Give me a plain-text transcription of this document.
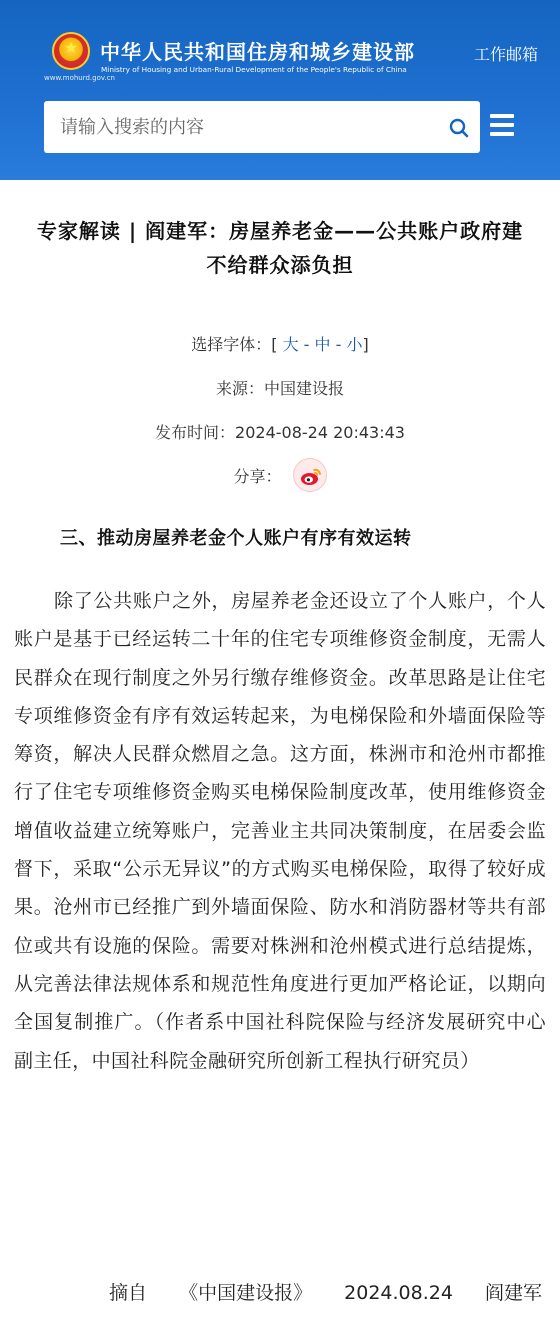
★
www.mohurd.gov.cn
中华人民共和国住房和城乡建设部
Ministry of Housing and Urban-Rural Development of the People's Republic of China
工作邮箱
请输入搜索的内容
专家解读 | 阎建军：房屋养老金——公共账户政府建　不给群众添负担
选择字体：[ 大 - 中 - 小]
来源：中国建设报
发布时间：2024-08-24 20:43:43
分享：
三、推动房屋养老金个人账户有序有效运转
除了公共账户之外，房屋养老金还设立了个人账户，个人账户是基于已经运转二十年的住宅专项维修资金制度，无需人民群众在现行制度之外另行缴存维修资金。改革思路是让住宅专项维修资金有序有效运转起来，为电梯保险和外墙面保险等筹资，解决人民群众燃眉之急。这方面，株洲市和沧州市都推行了住宅专项维修资金购买电梯保险制度改革，使用维修资金增值收益建立统筹账户，完善业主共同决策制度，在居委会监督下，采取“公示无异议”的方式购买电梯保险，取得了较好成果。沧州市已经推广到外墙面保险、防水和消防器材等共有部位或共有设施的保险。需要对株洲和沧州模式进行总结提炼，从完善法律法规体系和规范性角度进行更加严格论证，以期向全国复制推广。（作者系中国社科院保险与经济发展研究中心副主任，中国社科院金融研究所创新工程执行研究员）
摘自 《中国建设报》 2024.08.24 阎建军
